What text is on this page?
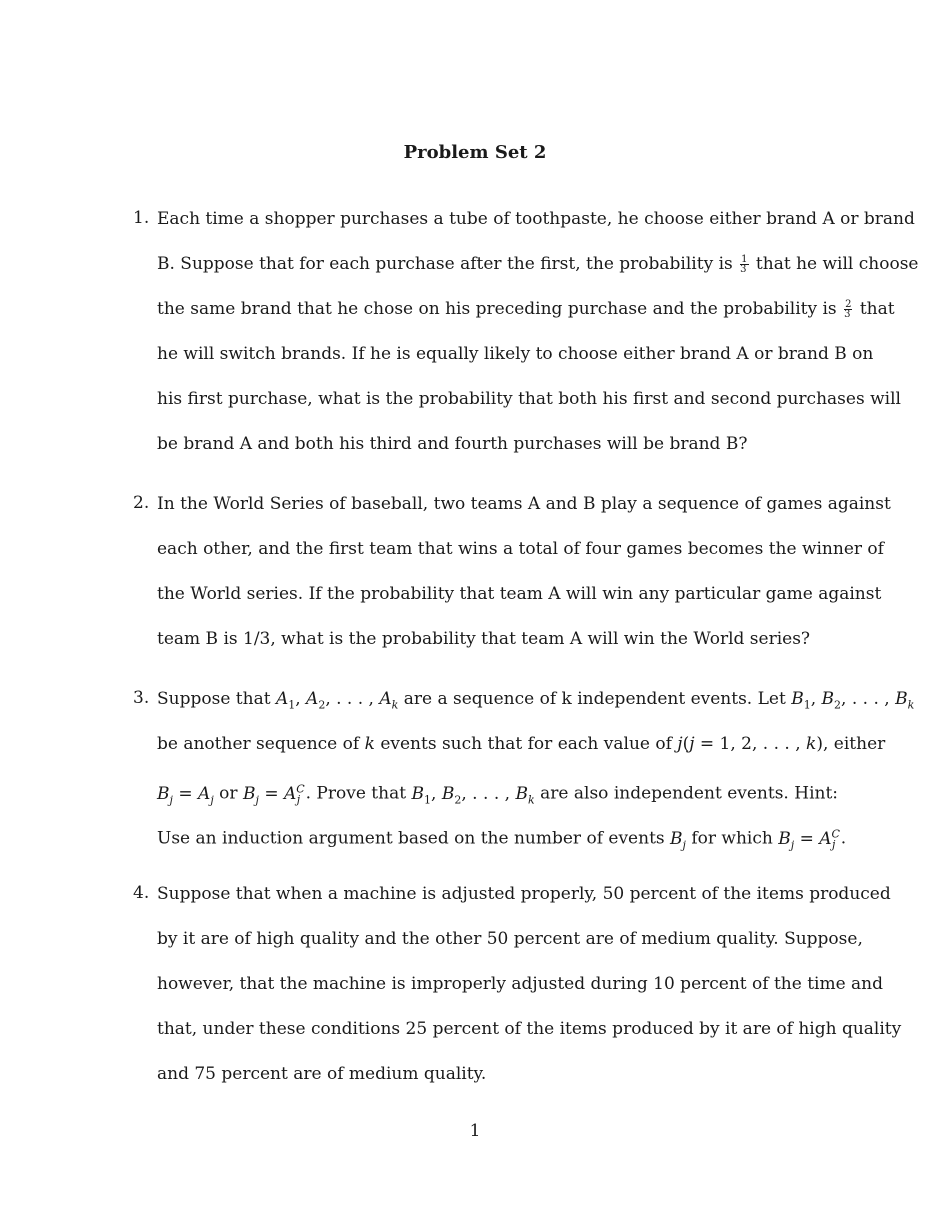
Problem Set 2
1. Each time a shopper purchases a tube of toothpaste, he choose either brand A or brand
B. Suppose that for each purchase after the first, the probability is $\frac{1}{3}$ that he will choose
the same brand that he chose on his preceding purchase and the probability is $\frac{2}{3}$ that
he will switch brands. If he is equally likely to choose either brand A or brand B on
his first purchase, what is the probability that both his first and second purchases will
be brand A and both his third and fourth purchases will be brand B?
2. In the World Series of baseball, two teams A and B play a sequence of games against
each other, and the first team that wins a total of four games becomes the winner of
the World series. If the probability that team A will win any particular game against
team B is 1/3, what is the probability that team A will win the World series?
3. Suppose that $A_1$, $A_2$, . . . , $A_k$ are a sequence of k independent events. Let $B_1$, $B_2$, . . . , $B_k$
be another sequence of k events such that for each value of j(j = 1, 2, . . . , k), either
$B_j = A_j$ or $B_j = A^C_j$ . Prove that $B_1$, $B_2$, . . . , $B_k$ are also independent events. Hint:
Use an induction argument based on the number of events $B_j$ for which $B_j = A^C_j$ .
4. Suppose that when a machine is adjusted properly, 50 percent of the items produced
by it are of high quality and the other 50 percent are of medium quality. Suppose,
however, that the machine is improperly adjusted during 10 percent of the time and
that, under these conditions 25 percent of the items produced by it are of high quality
and 75 percent are of medium quality.
1
